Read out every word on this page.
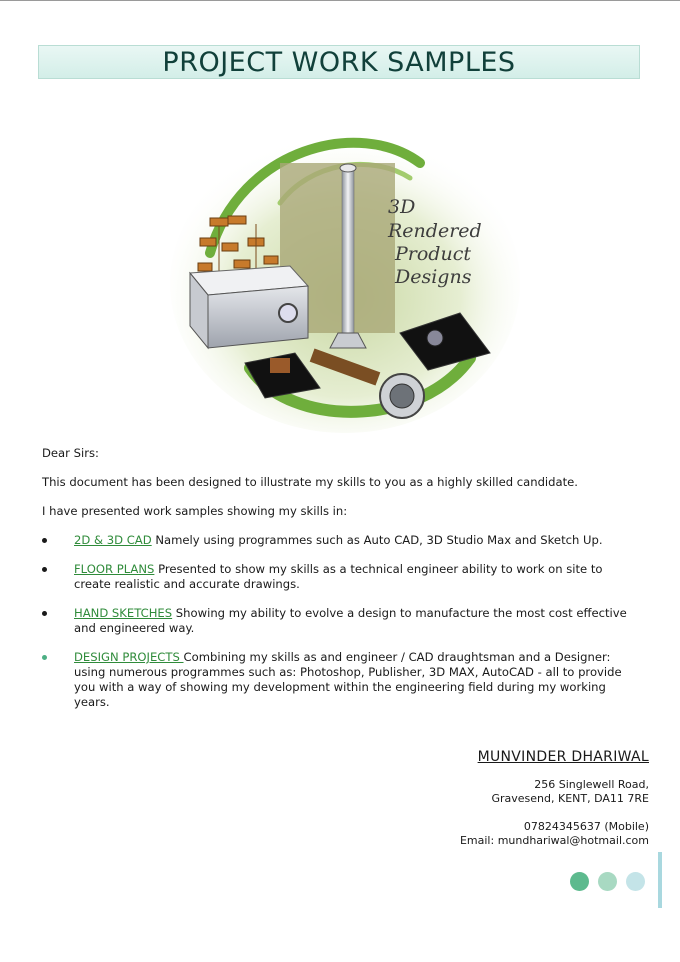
PROJECT WORK SAMPLES
3D
Rendered
Product
Designs

Dear Sirs:

This document has been designed to illustrate my skills to you as a highly skilled candidate.

I have presented work samples showing my skills in:

2D & 3D CAD Namely using programmes such as Auto CAD, 3D Studio Max and Sketch Up.
FLOOR PLANS Presented to show my skills as a technical engineer ability to work on site to create realistic and accurate drawings.
HAND SKETCHES Showing my ability to evolve a design to manufacture the most cost effective and engineered way.
DESIGN PROJECTS Combining my skills as and engineer / CAD draughtsman and a Designer: using numerous programmes such as: Photoshop, Publisher, 3D MAX, AutoCAD - all to provide you with a way of showing my development within the engineering field during my working years.
MUNVINDER DHARIWAL
256 Singlewell Road,
Gravesend, KENT, DA11 7RE
07824345637 (Mobile)
Email: mundhariwal@hotmail.com
